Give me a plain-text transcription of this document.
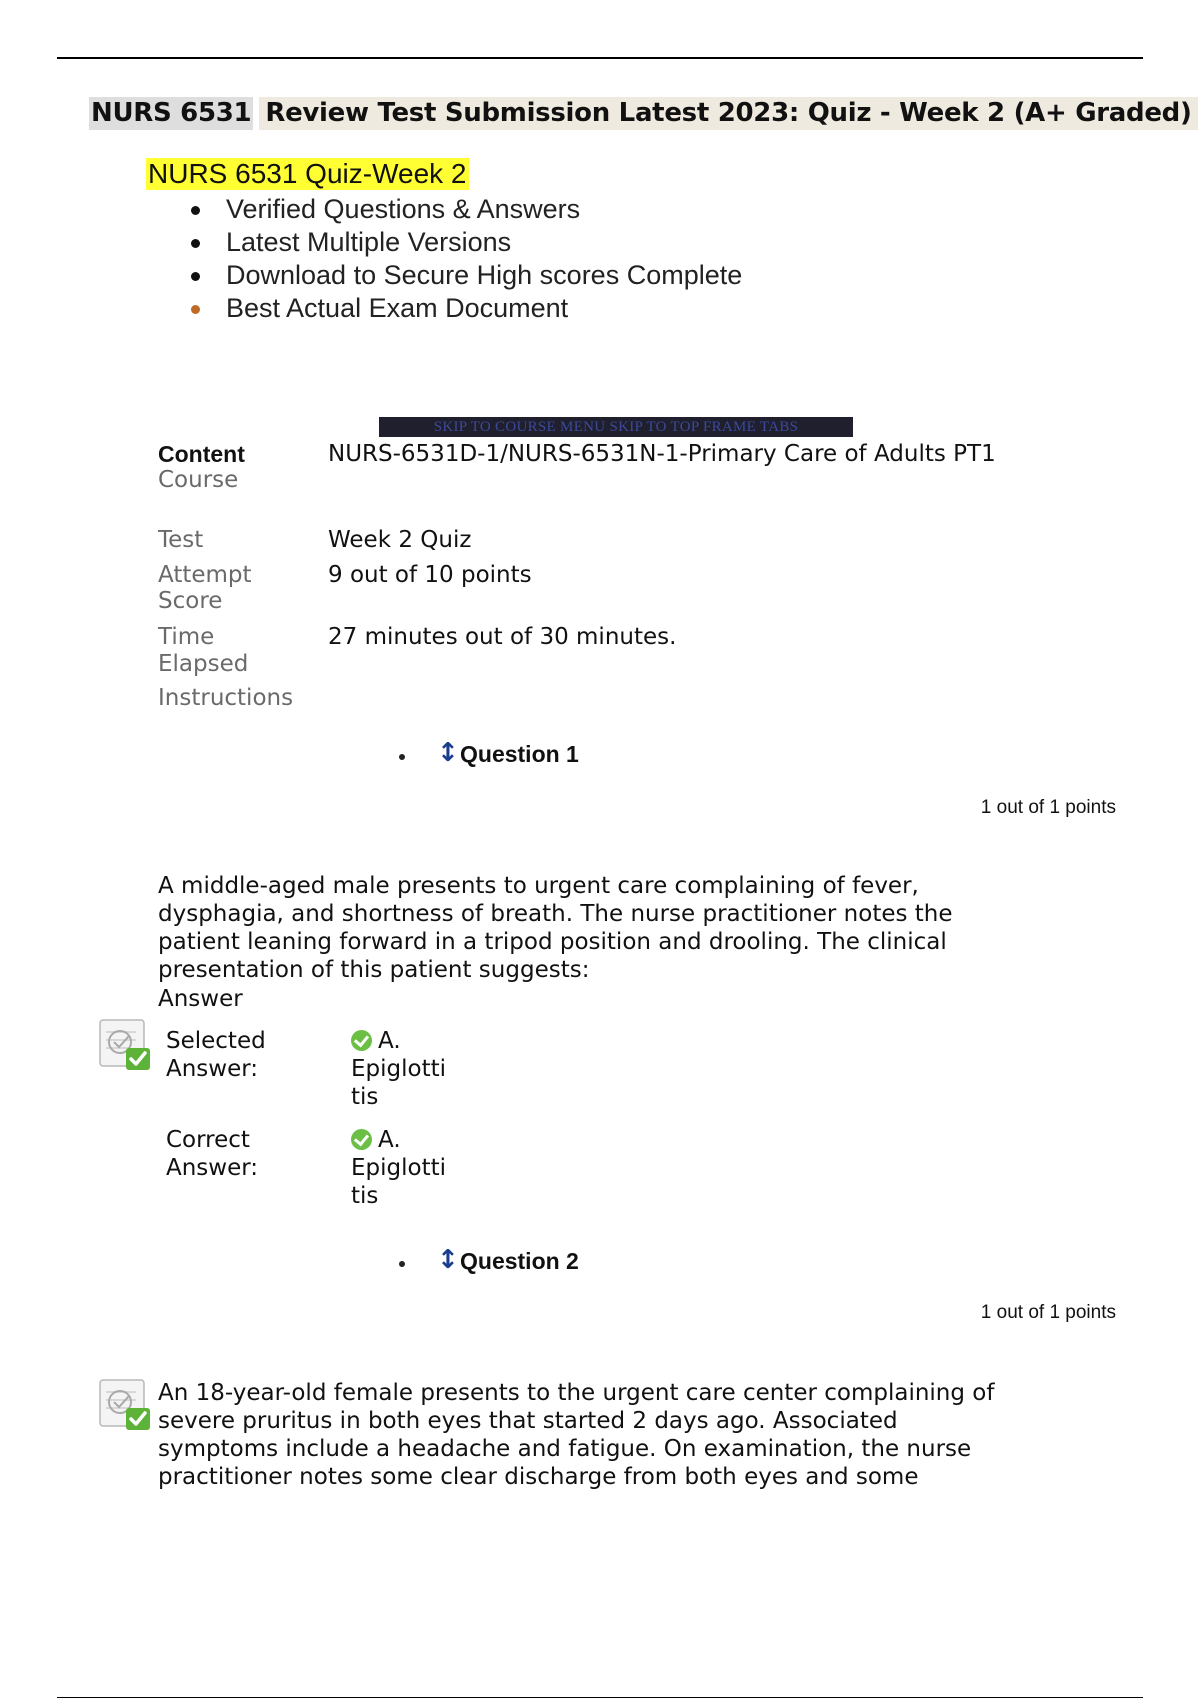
NURS 6531 Review Test Submission Latest 2023: Quiz - Week 2 (A+ Graded)
NURS 6531 Quiz-Week 2
Verified Questions & Answers
Latest Multiple Versions
Download to Secure High scores Complete
Best Actual Exam Document
SKIP TO COURSE MENU SKIP TO TOP FRAME TABS
Content
Course
NURS-6531D-1/NURS-6531N-1-Primary Care of Adults PT1
Test	Week 2 Quiz
Attempt
Score
9 out of 10 points
Time
Elapsed
27 minutes out of 30 minutes.
Instructions
↕ Question 1
1 out of 1 points
A middle-aged male presents to urgent care complaining of fever, dysphagia, and shortness of breath. The nurse practitioner notes the patient leaning forward in a tripod position and drooling. The clinical presentation of this patient suggests:
Answer
Selected
Answer:
A.
Epiglotti
tis
Correct
Answer:
A.
Epiglotti
tis
↕ Question 2
1 out of 1 points
An 18-year-old female presents to the urgent care center complaining of severe pruritus in both eyes that started 2 days ago. Associated symptoms include a headache and fatigue. On examination, the nurse practitioner notes some clear discharge from both eyes and some
